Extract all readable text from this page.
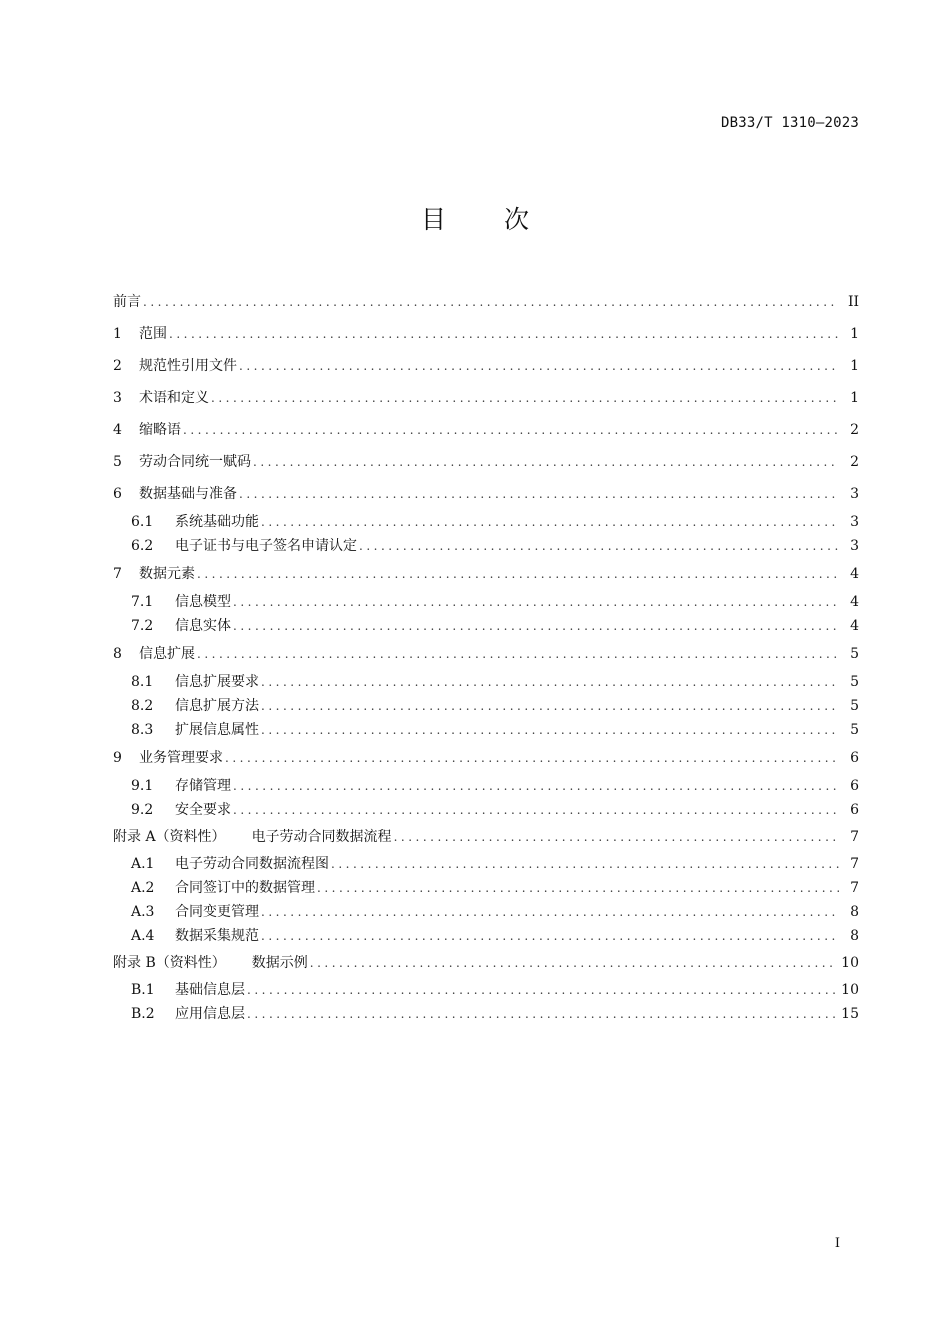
DB33/T 1310—2023
目次
前言 .....	II
1	范围 .....	1
2	规范性引用文件 .....	1
3	术语和定义 .....	1
4	缩略语 .....	2
5	劳动合同统一赋码 .....	2
6	数据基础与准备 .....	3
6.1	系统基础功能 .....	3
6.2	电子证书与电子签名申请认定 .....	3
7	数据元素 .....	4
7.1	信息模型 .....	4
7.2	信息实体 .....	4
8	信息扩展 .....	5
8.1	信息扩展要求 .....	5
8.2	信息扩展方法 .....	5
8.3	扩展信息属性 .....	5
9	业务管理要求 .....	6
9.1	存储管理 .....	6
9.2	安全要求 .....	6
附录 A（资料性）	电子劳动合同数据流程 .....	7
A.1	电子劳动合同数据流程图 .....	7
A.2	合同签订中的数据管理 .....	7
A.3	合同变更管理 .....	8
A.4	数据采集规范 .....	8
附录 B（资料性）	数据示例 .....	10
B.1	基础信息层 .....	10
B.2	应用信息层 .....	15
I
